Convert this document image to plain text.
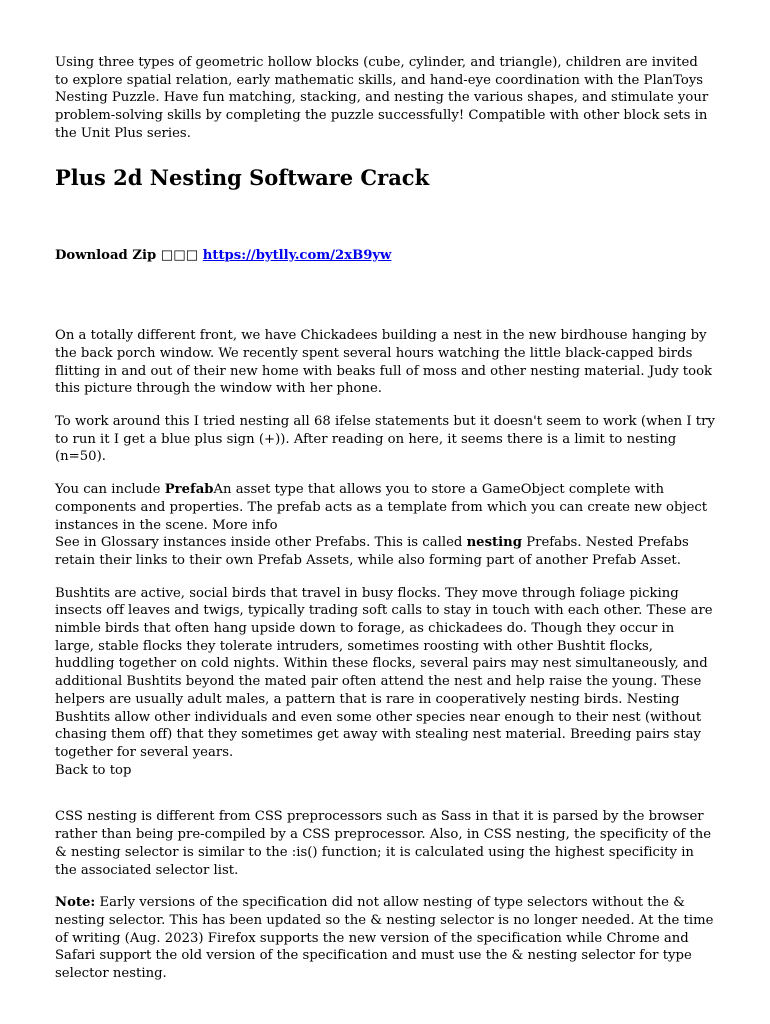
Using three types of geometric hollow blocks (cube, cylinder, and triangle), children are invited to explore spatial relation, early mathematic skills, and hand-eye coordination with the PlanToys Nesting Puzzle. Have fun matching, stacking, and nesting the various shapes, and stimulate your problem-solving skills by completing the puzzle successfully! Compatible with other block sets in the Unit Plus series.

Plus 2d Nesting Software Crack
Download Zip □□□ https://bytlly.com/2xB9yw

On a totally different front, we have Chickadees building a nest in the new birdhouse hanging by the back porch window. We recently spent several hours watching the little black-capped birds flitting in and out of their new home with beaks full of moss and other nesting material. Judy took this picture through the window with her phone.

To work around this I tried nesting all 68 ifelse statements but it doesn't seem to work (when I try to run it I get a blue plus sign (+)). After reading on here, it seems there is a limit to nesting (n=50).

You can include PrefabAn asset type that allows you to store a GameObject complete with components and properties. The prefab acts as a template from which you can create new object instances in the scene. More info
See in Glossary instances inside other Prefabs. This is called nesting Prefabs. Nested Prefabs retain their links to their own Prefab Assets, while also forming part of another Prefab Asset.

Bushtits are active, social birds that travel in busy flocks. They move through foliage picking insects off leaves and twigs, typically trading soft calls to stay in touch with each other. These are nimble birds that often hang upside down to forage, as chickadees do. Though they occur in large, stable flocks they tolerate intruders, sometimes roosting with other Bushtit flocks, huddling together on cold nights. Within these flocks, several pairs may nest simultaneously, and additional Bushtits beyond the mated pair often attend the nest and help raise the young. These helpers are usually adult males, a pattern that is rare in cooperatively nesting birds. Nesting Bushtits allow other individuals and even some other species near enough to their nest (without chasing them off) that they sometimes get away with stealing nest material. Breeding pairs stay together for several years.
Back to top

CSS nesting is different from CSS preprocessors such as Sass in that it is parsed by the browser rather than being pre-compiled by a CSS preprocessor. Also, in CSS nesting, the specificity of the & nesting selector is similar to the :is() function; it is calculated using the highest specificity in the associated selector list.

Note: Early versions of the specification did not allow nesting of type selectors without the & nesting selector. This has been updated so the & nesting selector is no longer needed. At the time of writing (Aug. 2023) Firefox supports the new version of the specification while Chrome and Safari support the old version of the specification and must use the & nesting selector for type selector nesting.
